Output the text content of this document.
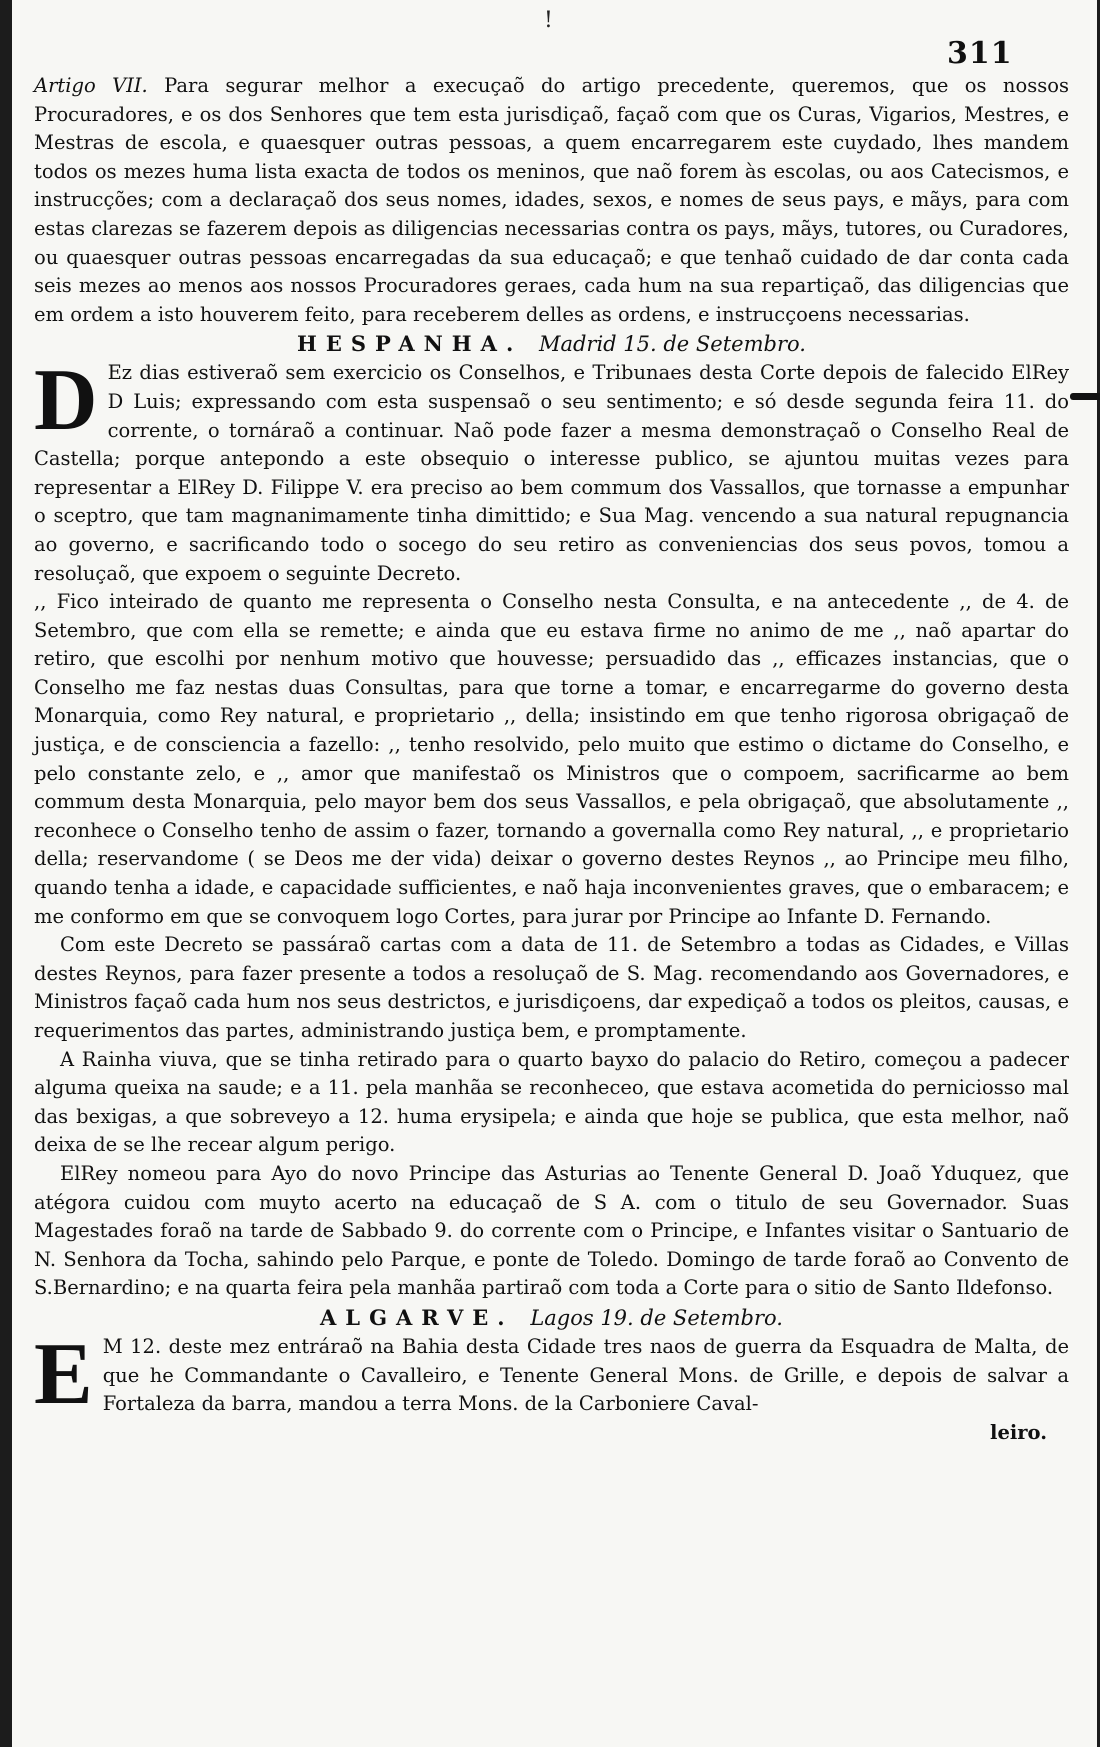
!
311

Artigo VII. Para segurar melhor a execuçaõ do artigo precedente, queremos, que os nossos Procuradores, e os dos Senhores que tem esta jurisdiçaõ, façaõ com que os Curas, Vigarios, Mestres, e Mestras de escola, e quaesquer outras pessoas, a quem encarregarem este cuydado, lhes mandem todos os mezes huma lista exacta de todos os meninos, que naõ forem às escolas, ou aos Catecismos, e instrucções; com a declaraçaõ dos seus nomes, idades, sexos, e nomes de seus pays, e mãys, para com estas clarezas se fazerem depois as diligencias necessarias contra os pays, mãys, tutores, ou Curadores, ou quaesquer outras pessoas encarregadas da sua educaçaõ; e que tenhaõ cuidado de dar conta cada seis mezes ao menos aos nossos Procuradores geraes, cada hum na sua repartiçaõ, das diligencias que em ordem a isto houverem feito, para receberem delles as ordens, e instrucçoens necessarias.

HESPANHA. Madrid 15. de Setembro.

D Ez dias estiveraõ sem exercicio os Conselhos, e Tribunaes desta Corte depois de falecido ElRey D Luis; expressando com esta suspensaõ o seu sentimento; e só desde segunda feira 11. do corrente, o tornáraõ a continuar. Naõ pode fazer a mesma demonstraçaõ o Conselho Real de Castella; porque antepondo a este obsequio o interesse publico, se ajuntou muitas vezes para representar a ElRey D. Filippe V. era preciso ao bem commum dos Vassallos, que tornasse a empunhar o sceptro, que tam magnanimamente tinha dimittido; e Sua Mag. vencendo a sua natural repugnancia ao governo, e sacrificando todo o socego do seu retiro as conveniencias dos seus povos, tomou a resoluçaõ, que expoem o seguinte Decreto.

,, Fico inteirado de quanto me representa o Conselho nesta Consulta, e na antecedente ,, de 4. de Setembro, que com ella se remette; e ainda que eu estava firme no animo de me ,, naõ apartar do retiro, que escolhi por nenhum motivo que houvesse; persuadido das ,, efficazes instancias, que o Conselho me faz nestas duas Consultas, para que torne a tomar, e encarregarme do governo desta Monarquia, como Rey natural, e proprietario ,, della; insistindo em que tenho rigorosa obrigaçaõ de justiça, e de consciencia a fazello: ,, tenho resolvido, pelo muito que estimo o dictame do Conselho, e pelo constante zelo, e ,, amor que manifestaõ os Ministros que o compoem, sacrificarme ao bem commum desta Monarquia, pelo mayor bem dos seus Vassallos, e pela obrigaçaõ, que absolutamente ,, reconhece o Conselho tenho de assim o fazer, tornando a governalla como Rey natural, ,, e proprietario della; reservandome ( se Deos me der vida) deixar o governo destes Reynos ,, ao Principe meu filho, quando tenha a idade, e capacidade sufficientes, e naõ haja inconvenientes graves, que o embaracem; e me conformo em que se convoquem logo Cortes, para jurar por Principe ao Infante D. Fernando.

Com este Decreto se passáraõ cartas com a data de 11. de Setembro a todas as Cidades, e Villas destes Reynos, para fazer presente a todos a resoluçaõ de S. Mag. recomendando aos Governadores, e Ministros façaõ cada hum nos seus destrictos, e jurisdiçoens, dar expediçaõ a todos os pleitos, causas, e requerimentos das partes, administrando justiça bem, e promptamente.

A Rainha viuva, que se tinha retirado para o quarto bayxo do palacio do Retiro, começou a padecer alguma queixa na saude; e a 11. pela manhãa se reconheceo, que estava acometida do perniciosso mal das bexigas, a que sobreveyo a 12. huma erysipela; e ainda que hoje se publica, que esta melhor, naõ deixa de se lhe recear algum perigo.

ElRey nomeou para Ayo do novo Principe das Asturias ao Tenente General D. Joaõ Yduquez, que atégora cuidou com muyto acerto na educaçaõ de S A. com o titulo de seu Governador. Suas Magestades foraõ na tarde de Sabbado 9. do corrente com o Principe, e Infantes visitar o Santuario de N. Senhora da Tocha, sahindo pelo Parque, e ponte de Toledo. Domingo de tarde foraõ ao Convento de S.Bernardino; e na quarta feira pela manhãa partiraõ com toda a Corte para o sitio de Santo Ildefonso.

ALGARVE. Lagos 19. de Setembro.

E M 12. deste mez entráraõ na Bahia desta Cidade tres naos de guerra da Esquadra de Malta, de que he Commandante o Cavalleiro, e Tenente General Mons. de Grille, e depois de salvar a Fortaleza da barra, mandou a terra Mons. de la Carboniere Caval-

leiro.
